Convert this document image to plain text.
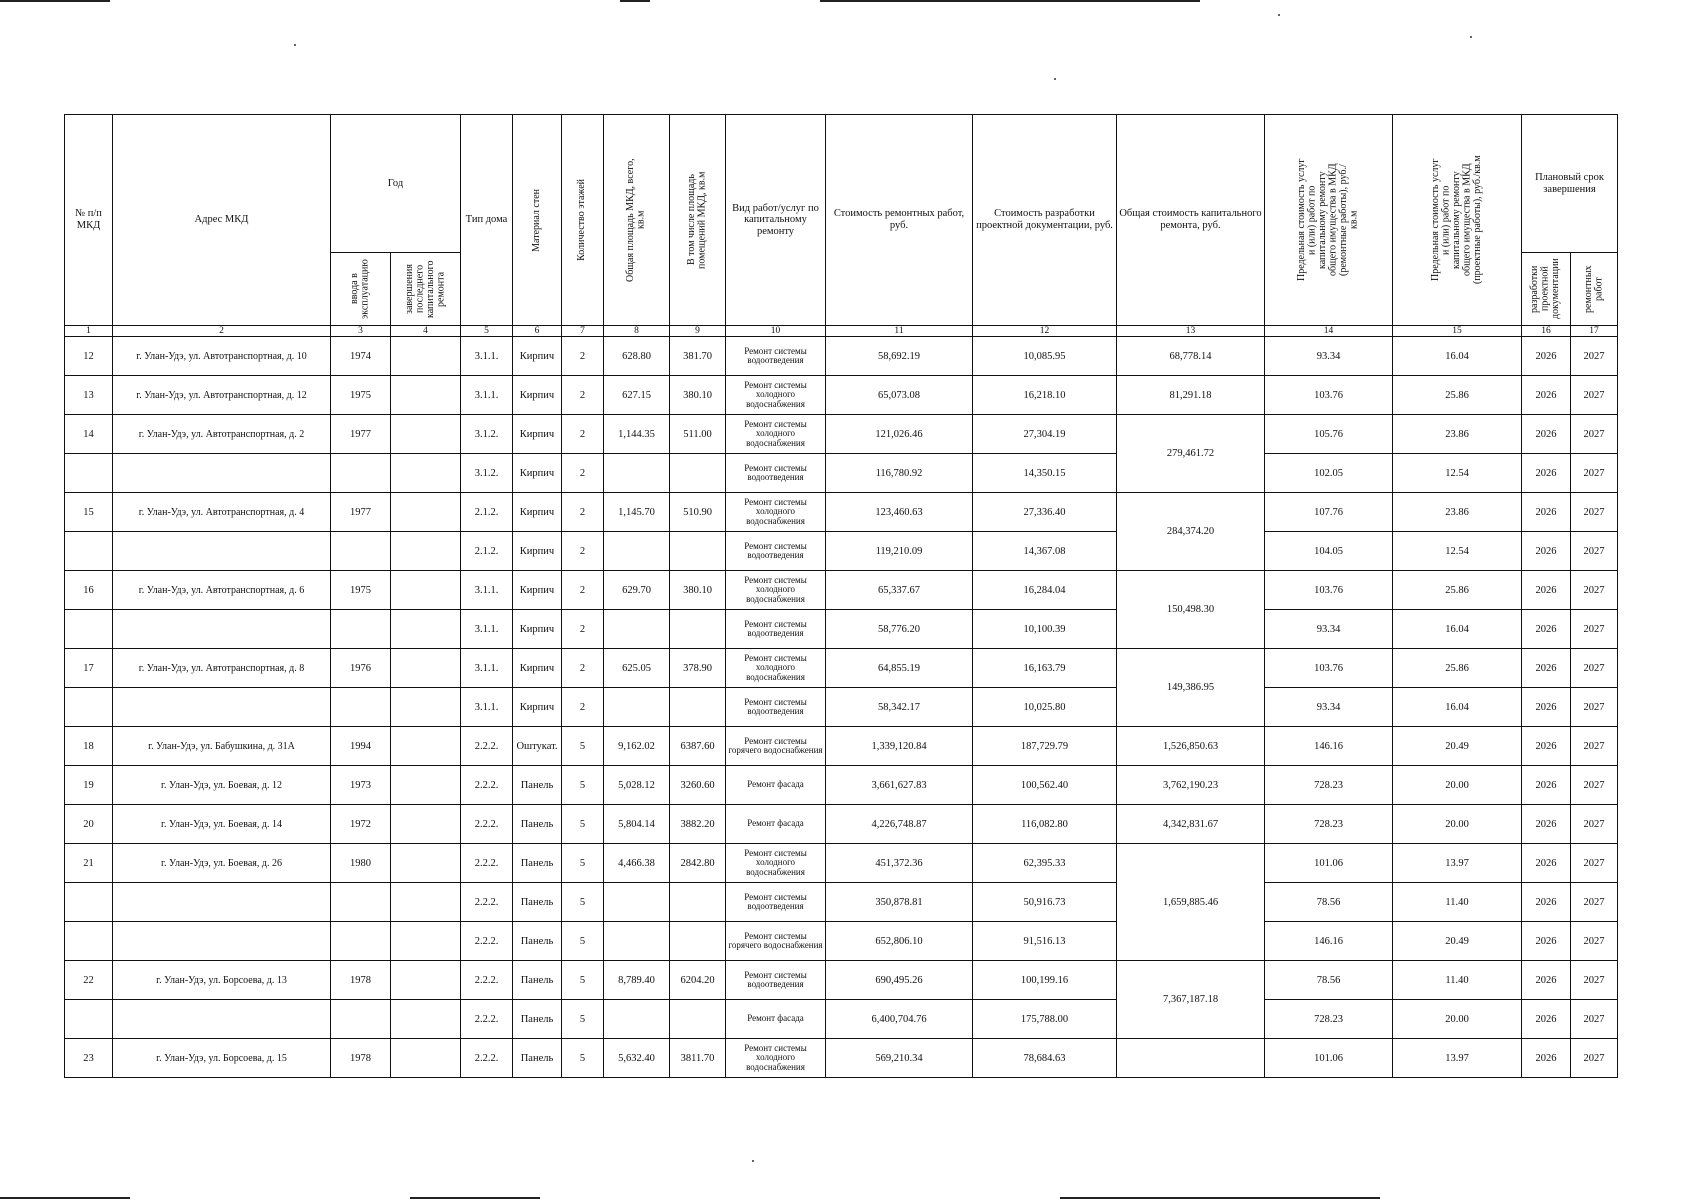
№ п/п МКД	Адрес МКД	Год		Тип дома	Материал стен	Количество этажей	Общая площадь МКД, всего, кв.м	В том числе площадь помещений МКД, кв.м	Вид работ/услуг по капитальному ремонту	Стоимость ремонтных работ, руб.	Стоимость разработки проектной документации, руб.	Общая стоимость капитального ремонта, руб.	Предельная стоимость услуг и (или) работ по капитальному ремонту общего имущества в МКД (ремонтные работы), руб./кв.м	Предельная стоимость услуг и (или) работ по капитальному ремонту общего имущества в МКД (проектные работы), руб./кв.м	Плановый срок завершения	

		ввода в эксплуатацию	завершения последнего капитального ремонта												разработки проектной документации	ремонтных работ

1	2	3	4	5	6	7	8	9	10	11	12	13	14	15	16	17
12	г. Улан-Удэ, ул. Автотранспортная, д. 10	1974		3.1.1.	Кирпич	2	628.80	381.70	Ремонт системы водоотведения	58,692.19	10,085.95	68,778.14	93.34	16.04	2026	2027
13	г. Улан-Удэ, ул. Автотранспортная, д. 12	1975		3.1.1.	Кирпич	2	627.15	380.10	Ремонт системы холодного водоснабжения	65,073.08	16,218.10	81,291.18	103.76	25.86	2026	2027
14	г. Улан-Удэ, ул. Автотранспортная, д. 2	1977		3.1.2.	Кирпич	2	1,144.35	511.00	Ремонт системы холодного водоснабжения	121,026.46	27,304.19	279,461.72	105.76	23.86	2026	2027
				3.1.2.	Кирпич	2			Ремонт системы водоотведения	116,780.92	14,350.15		102.05	12.54	2026	2027
15	г. Улан-Удэ, ул. Автотранспортная, д. 4	1977		2.1.2.	Кирпич	2	1,145.70	510.90	Ремонт системы холодного водоснабжения	123,460.63	27,336.40	284,374.20	107.76	23.86	2026	2027
				2.1.2.	Кирпич	2			Ремонт системы водоотведения	119,210.09	14,367.08		104.05	12.54	2026	2027
16	г. Улан-Удэ, ул. Автотранспортная, д. 6	1975		3.1.1.	Кирпич	2	629.70	380.10	Ремонт системы холодного водоснабжения	65,337.67	16,284.04	150,498.30	103.76	25.86	2026	2027
				3.1.1.	Кирпич	2			Ремонт системы водоотведения	58,776.20	10,100.39		93.34	16.04	2026	2027
17	г. Улан-Удэ, ул. Автотранспортная, д. 8	1976		3.1.1.	Кирпич	2	625.05	378.90	Ремонт системы холодного водоснабжения	64,855.19	16,163.79	149,386.95	103.76	25.86	2026	2027
				3.1.1.	Кирпич	2			Ремонт системы водоотведения	58,342.17	10,025.80		93.34	16.04	2026	2027
18	г. Улан-Удэ, ул. Бабушкина, д. 31А	1994		2.2.2.	Оштукат.	5	9,162.02	6387.60	Ремонт системы горячего водоснабжения	1,339,120.84	187,729.79	1,526,850.63	146.16	20.49	2026	2027
19	г. Улан-Удэ, ул. Боевая, д. 12	1973		2.2.2.	Панель	5	5,028.12	3260.60	Ремонт фасада	3,661,627.83	100,562.40	3,762,190.23	728.23	20.00	2026	2027
20	г. Улан-Удэ, ул. Боевая, д. 14	1972		2.2.2.	Панель	5	5,804.14	3882.20	Ремонт фасада	4,226,748.87	116,082.80	4,342,831.67	728.23	20.00	2026	2027
21	г. Улан-Удэ, ул. Боевая, д. 26	1980		2.2.2.	Панель	5	4,466.38	2842.80	Ремонт системы холодного водоснабжения	451,372.36	62,395.33	1,659,885.46	101.06	13.97	2026	2027
				2.2.2.	Панель	5			Ремонт системы водоотведения	350,878.81	50,916.73		78.56	11.40	2026	2027
				2.2.2.	Панель	5			Ремонт системы горячего водоснабжения	652,806.10	91,516.13		146.16	20.49	2026	2027
22	г. Улан-Удэ, ул. Борсоева, д. 13	1978		2.2.2.	Панель	5	8,789.40	6204.20	Ремонт системы водоотведения	690,495.26	100,199.16	7,367,187.18	78.56	11.40	2026	2027
				2.2.2.	Панель	5			Ремонт фасада	6,400,704.76	175,788.00		728.23	20.00	2026	2027
23	г. Улан-Удэ, ул. Борсоева, д. 15	1978		2.2.2.	Панель	5	5,632.40	3811.70	Ремонт системы холодного водоснабжения	569,210.34	78,684.63		101.06	13.97	2026	2027
